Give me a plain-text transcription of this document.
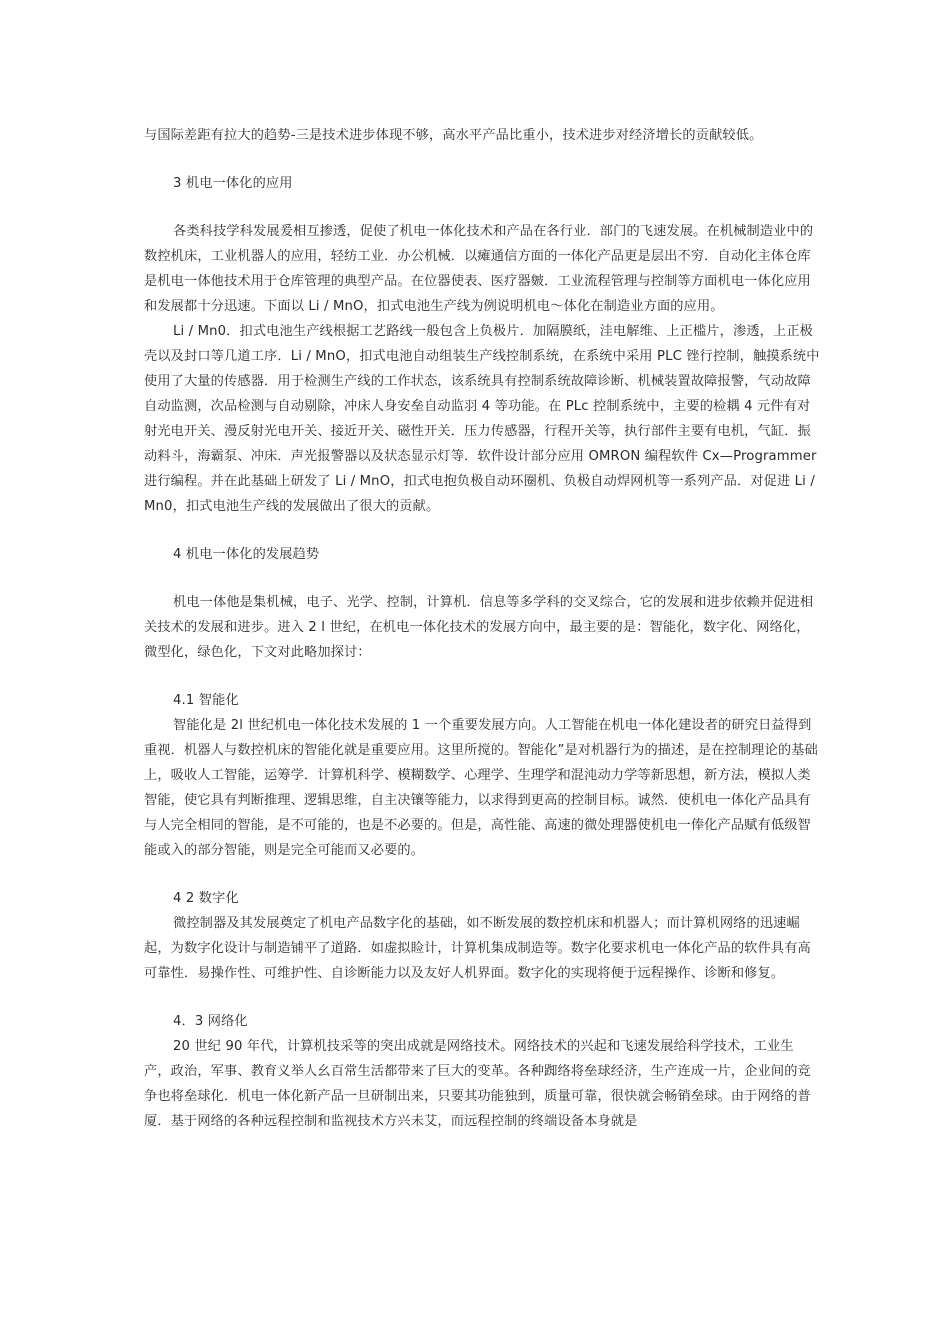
与国际差距有拉大的趋势-三是技术进步体现不够，高水平产品比重小，技术进步对经济增长的贡献较低。

3 机电一体化的应用

各类科技学科发展爰相互掺透，促使了机电一体化技术和产品在各行业．部门的飞速发展。在机械制造业中的数控机床，工业机器人的应用，轻纺工业．办公机械．以瘫通信方面的一体化产品更是层出不穷．自动化主体仓库是机电一体他技术用于仓库管理的典型产品。在位器使表、医疗器皴．工业流程管理与控制等方面机电一体化应用和发展都十分迅速。下面以 Li / MnO，扣式电池生产线为例说明机电～体化在制造业方面的应用。

Li / Mn0．扣式电池生产线根据工艺路线一般包含上负极片．加隔膜纸，洼电解维、上正槛片，渗透，上正极壳以及封口等几道工序．Li / MnO，扣式电池自动组装生产线控制系统，在系统中采用 PLC 锉行控制，触摸系统中使用了大量的传感器．用于检测生产线的工作状态，该系统具有控制系统故障诊断、机械装置故障报警，气动故障自动监测，次品检测与自动剔除，冲床人身安垒自动监羽 4 等功能。在 PLc 控制系统中，主要的检耦 4 元件有对射光电开关、漫反射光电开关、接近开关、磁性开关．压力传感器，行程开关等，执行部件主要有电机，气缸．振动料斗，海霸泵、冲床．声光报警器以及状态显示灯等．软件设计部分应用 OMRON 编程软件 Cx—Programmer 进行编程。并在此基础上研发了 Li / MnO，扣式电抱负极自动环圈机、负极自动焊网机等一系列产品．对促进 Li / Mn0，扣式电池生产线的发展做出了很大的贡献。

4 机电一体化的发展趋势

机电一体他是集机械，电子、光学、控制，计算机．信息等多学科的交叉综合，它的发展和进步依赖并促进相关技术的发展和进步。进入 2 l 世纪，在机电一体化技术的发展方向中，最主要的是：智能化，数字化、网络化，微型化，绿色化，下文对此略加探讨：

4.1 智能化

智能化是 2l 世纪机电一体化技术发展的 1 一个重要发展方向。人工智能在机电一体化建设者的研究日益得到重视．机器人与数控机床的智能化就是重要应用。这里所搅的。智能化”是对机器行为的描述，是在控制理论的基础上，吸收人工智能，运筹学．计算机科学、模糊数学、心理学、生理学和混沌动力学等新思想，新方法，模拟人类智能，使它具有判断推理、逻辑思维，自主决镶等能力，以求得到更高的控制目标。诚然．使机电一体化产品具有与人完全相同的智能，是不可能的，也是不必要的。但是，高性能、高速的微处理器使机电一俸化产品赋有低级智能或入的部分智能，则是完全可能而又必要的。

4 2 数字化

微控制器及其发展奠定了机电产品数字化的基础，如不断发展的数控机床和机器人；而计算机网络的迅速崛起，为数字化设计与制造铺平了道路．如虚拟睑计，计算机集成制造等。数字化要求机电一体化产品的软件具有高可靠性．易操作性、可维护性、自诊断能力以及友好人机界面。数字化的实现将便于远程操作、诊断和修复。

4．3 网络化

20 世纪 90 年代，计算机技采等的突出成就是网络技术。网络技术的兴起和飞速发展给科学技术，工业生产，政治，军事、教育义举人幺百常生活都带来了巨大的变革。各种踟络将垒球经济，生产连成一片，企业间的竞争也将垒球化．机电一体化新产品一旦研制出来，只要其功能独到，质量可靠，很快就会畅销垒球。由于网络的普厦．基于网络的各种远程控制和监视技术方兴未艾，而远程控制的终端设备本身就是
